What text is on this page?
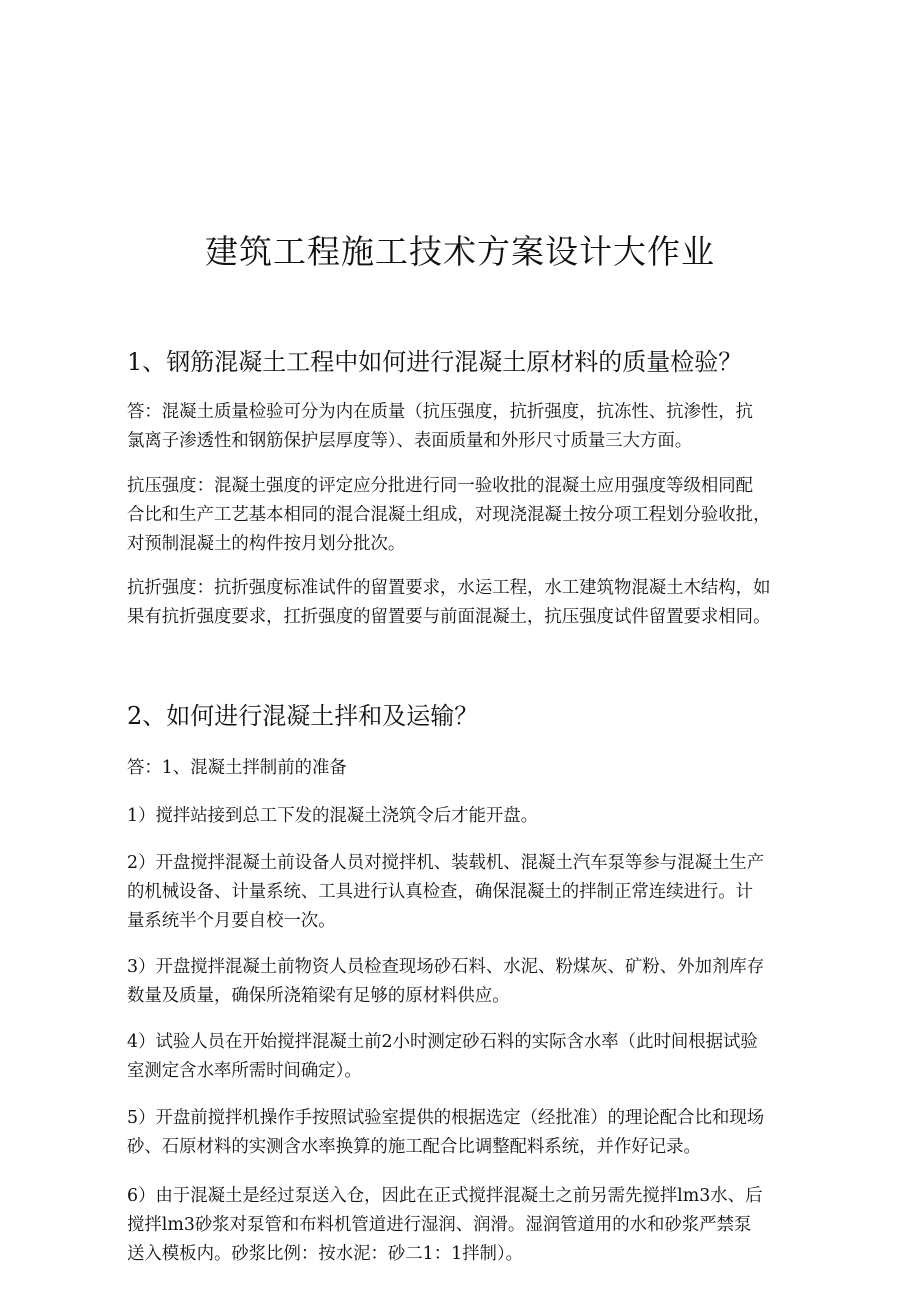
建筑工程施工技术方案设计大作业
1、钢筋混凝土工程中如何进行混凝土原材料的质量检验？

答：混凝土质量检验可分为内在质量（抗压强度，抗折强度，抗冻性、抗渗性，抗
氯离子渗透性和钢筋保护层厚度等）、表面质量和外形尺寸质量三大方面。

抗压强度：混凝土强度的评定应分批进行同一验收批的混凝土应用强度等级相同配
合比和生产工艺基本相同的混合混凝土组成，对现浇混凝土按分项工程划分验收批，
对预制混凝土的构件按月划分批次。

抗折强度：抗折强度标准试件的留置要求，水运工程，水工建筑物混凝土木结构，如
果有抗折强度要求，扛折强度的留置要与前面混凝土，抗压强度试件留置要求相同。

2、如何进行混凝土拌和及运输？

答：1、混凝土拌制前的准备

1）搅拌站接到总工下发的混凝土浇筑令后才能开盘。

2）开盘搅拌混凝土前设备人员对搅拌机、装载机、混凝土汽车泵等参与混凝土生产
的机械设备、计量系统、工具进行认真检查，确保混凝土的拌制正常连续进行。计
量系统半个月要自校一次。

3）开盘搅拌混凝土前物资人员检查现场砂石料、水泥、粉煤灰、矿粉、外加剂库存
数量及质量，确保所浇箱梁有足够的原材料供应。

4）试验人员在开始搅拌混凝土前2小时测定砂石料的实际含水率（此时间根据试验
室测定含水率所需时间确定）。

5）开盘前搅拌机操作手按照试验室提供的根据选定（经批准）的理论配合比和现场
砂、石原材料的实测含水率换算的施工配合比调整配料系统，并作好记录。

6）由于混凝土是经过泵送入仓，因此在正式搅拌混凝土之前另需先搅拌lm3水、后
搅拌lm3砂浆对泵管和布料机管道进行湿润、润滑。湿润管道用的水和砂浆严禁泵
送入模板内。砂浆比例：按水泥：砂二1：1拌制）。
